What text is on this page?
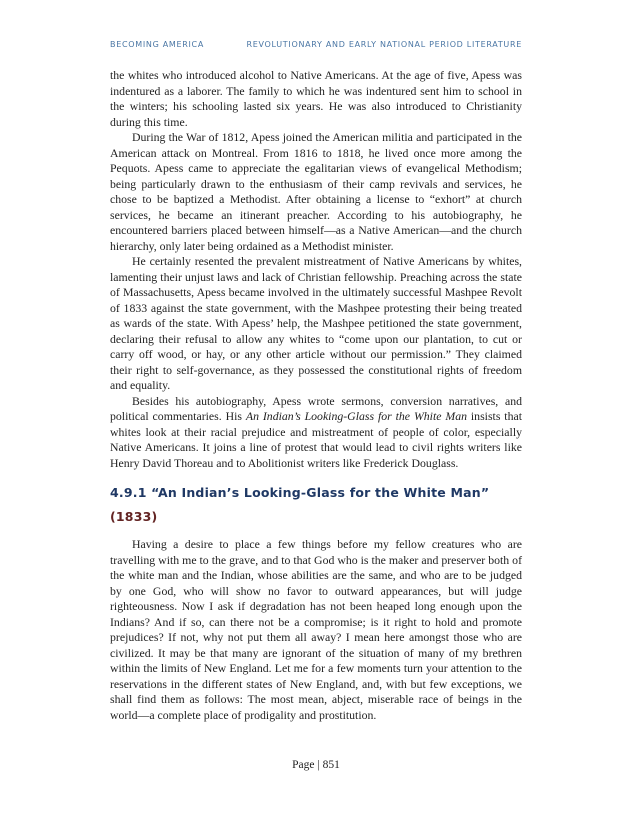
BECOMING AMERICA	REVOLUTIONARY AND EARLY NATIONAL PERIOD LITERATURE

the whites who introduced alcohol to Native Americans. At the age of five, Apess was indentured as a laborer. The family to which he was indentured sent him to school in the winters; his schooling lasted six years. He was also introduced to Christianity during this time.

During the War of 1812, Apess joined the American militia and participated in the American attack on Montreal. From 1816 to 1818, he lived once more among the Pequots. Apess came to appreciate the egalitarian views of evangelical Methodism; being particularly drawn to the enthusiasm of their camp revivals and services, he chose to be baptized a Methodist. After obtaining a license to “exhort” at church services, he became an itinerant preacher. According to his autobiography, he encountered barriers placed between himself—as a Native American—and the church hierarchy, only later being ordained as a Methodist minister.

He certainly resented the prevalent mistreatment of Native Americans by whites, lamenting their unjust laws and lack of Christian fellowship. Preaching across the state of Massachusetts, Apess became involved in the ultimately successful Mashpee Revolt of 1833 against the state government, with the Mashpee protesting their being treated as wards of the state. With Apess’ help, the Mashpee petitioned the state government, declaring their refusal to allow any whites to “come upon our plantation, to cut or carry off wood, or hay, or any other article without our permission.” They claimed their right to self-governance, as they possessed the constitutional rights of freedom and equality.

Besides his autobiography, Apess wrote sermons, conversion narratives, and political commentaries. His An Indian’s Looking-Glass for the White Man insists that whites look at their racial prejudice and mistreatment of people of color, especially Native Americans. It joins a line of protest that would lead to civil rights writers like Henry David Thoreau and to Abolitionist writers like Frederick Douglass.

4.9.1 “An Indian’s Looking-Glass for the White Man”
(1833)

Having a desire to place a few things before my fellow creatures who are travelling with me to the grave, and to that God who is the maker and preserver both of the white man and the Indian, whose abilities are the same, and who are to be judged by one God, who will show no favor to outward appearances, but will judge righteousness. Now I ask if degradation has not been heaped long enough upon the Indians? And if so, can there not be a compromise; is it right to hold and promote prejudices? If not, why not put them all away? I mean here amongst those who are civilized. It may be that many are ignorant of the situation of many of my brethren within the limits of New England. Let me for a few moments turn your attention to the reservations in the different states of New England, and, with but few exceptions, we shall find them as follows: The most mean, abject, miserable race of beings in the world—a complete place of prodigality and prostitution.

Page | 851
